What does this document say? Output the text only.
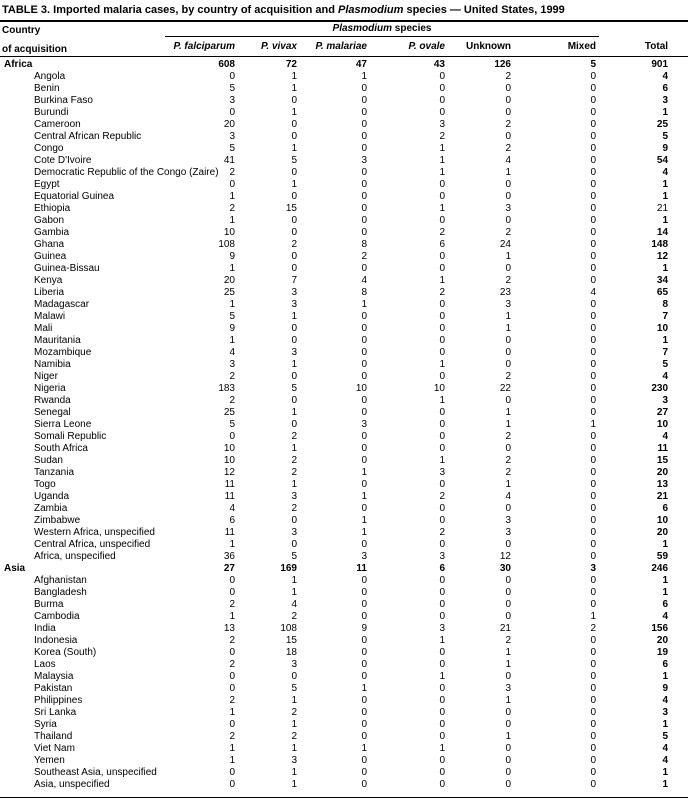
TABLE 3. Imported malaria cases, by country of acquisition and Plasmodium species — United States, 1999
Country	Plasmodium species						
of acquisition	P. falciparum	P. vivax	P. malariae	P. ovale	Unknown	Mixed	Total
Africa	608	72	47	43	126	5	901
Angola	0	1	1	0	2	0	4
Benin	5	1	0	0	0	0	6
Burkina Faso	3	0	0	0	0	0	3
Burundi	0	1	0	0	0	0	1
Cameroon	20	0	0	3	2	0	25
Central African Republic	3	0	0	2	0	0	5
Congo	5	1	0	1	2	0	9
Cote D'Ivoire	41	5	3	1	4	0	54
Democratic Republic of the Congo (Zaire)	2	0	0	1	1	0	4
Egypt	0	1	0	0	0	0	1
Equatorial Guinea	1	0	0	0	0	0	1
Ethiopia	2	15	0	1	3	0	21
Gabon	1	0	0	0	0	0	1
Gambia	10	0	0	2	2	0	14
Ghana	108	2	8	6	24	0	148
Guinea	9	0	2	0	1	0	12
Guinea-Bissau	1	0	0	0	0	0	1
Kenya	20	7	4	1	2	0	34
Liberia	25	3	8	2	23	4	65
Madagascar	1	3	1	0	3	0	8
Malawi	5	1	0	0	1	0	7
Mali	9	0	0	0	1	0	10
Mauritania	1	0	0	0	0	0	1
Mozambique	4	3	0	0	0	0	7
Namibia	3	1	0	1	0	0	5
Niger	2	0	0	0	2	0	4
Nigeria	183	5	10	10	22	0	230
Rwanda	2	0	0	1	0	0	3
Senegal	25	1	0	0	1	0	27
Sierra Leone	5	0	3	0	1	1	10
Somali Republic	0	2	0	0	2	0	4
South Africa	10	1	0	0	0	0	11
Sudan	10	2	0	1	2	0	15
Tanzania	12	2	1	3	2	0	20
Togo	11	1	0	0	1	0	13
Uganda	11	3	1	2	4	0	21
Zambia	4	2	0	0	0	0	6
Zimbabwe	6	0	1	0	3	0	10
Western Africa, unspecified	11	3	1	2	3	0	20
Central Africa, unspecified	1	0	0	0	0	0	1
Africa, unspecified	36	5	3	3	12	0	59
Asia	27	169	11	6	30	3	246
Afghanistan	0	1	0	0	0	0	1
Bangladesh	0	1	0	0	0	0	1
Burma	2	4	0	0	0	0	6
Cambodia	1	2	0	0	0	1	4
India	13	108	9	3	21	2	156
Indonesia	2	15	0	1	2	0	20
Korea (South)	0	18	0	0	1	0	19
Laos	2	3	0	0	1	0	6
Malaysia	0	0	0	1	0	0	1
Pakistan	0	5	1	0	3	0	9
Philippines	2	1	0	0	1	0	4
Sri Lanka	1	2	0	0	0	0	3
Syria	0	1	0	0	0	0	1
Thailand	2	2	0	0	1	0	5
Viet Nam	1	1	1	1	0	0	4
Yemen	1	3	0	0	0	0	4
Southeast Asia, unspecified	0	1	0	0	0	0	1
Asia, unspecified	0	1	0	0	0	0	1
